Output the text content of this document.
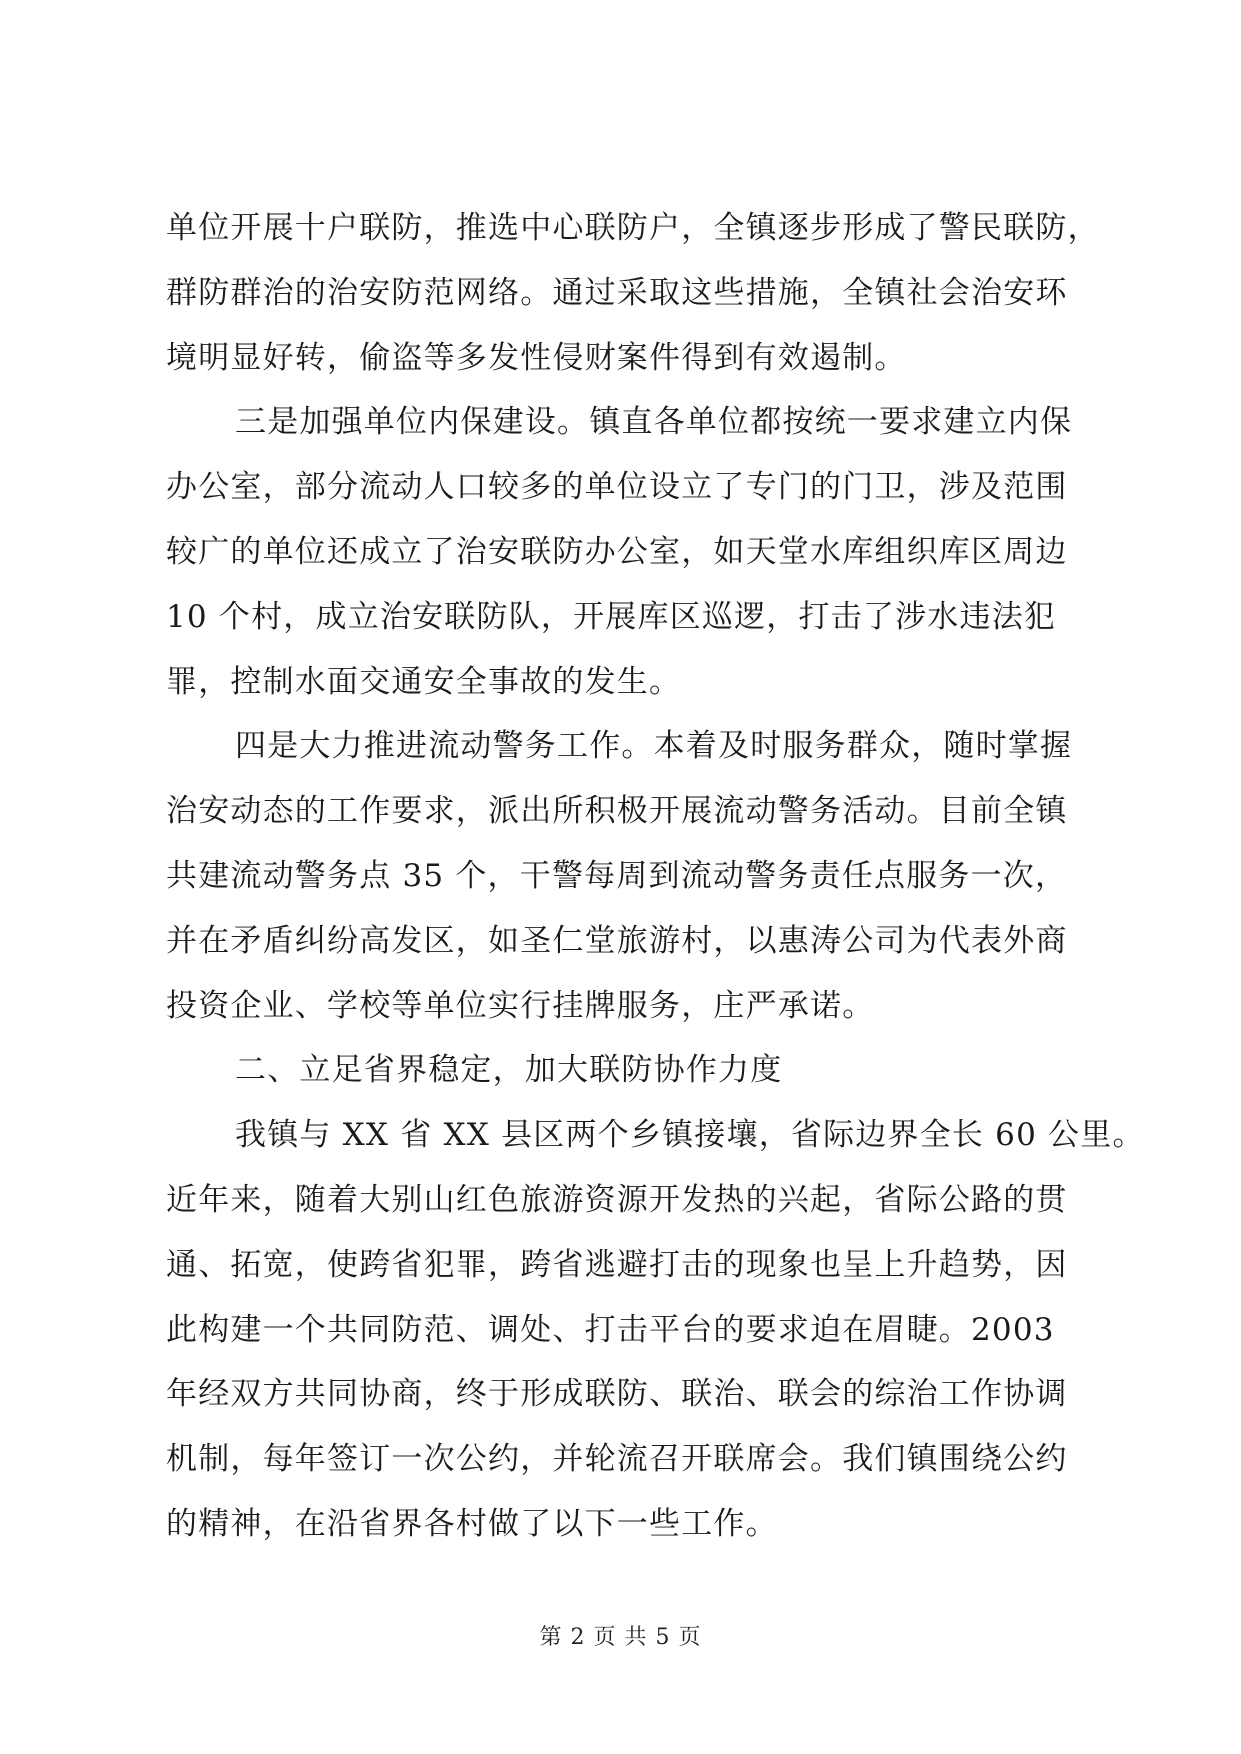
单位开展十户联防，推选中心联防户，全镇逐步形成了警民联防，
群防群治的治安防范网络。通过采取这些措施，全镇社会治安环
境明显好转，偷盗等多发性侵财案件得到有效遏制。
三是加强单位内保建设。镇直各单位都按统一要求建立内保
办公室，部分流动人口较多的单位设立了专门的门卫，涉及范围
较广的单位还成立了治安联防办公室，如天堂水库组织库区周边
10 个村，成立治安联防队，开展库区巡逻，打击了涉水违法犯
罪，控制水面交通安全事故的发生。
四是大力推进流动警务工作。本着及时服务群众，随时掌握
治安动态的工作要求，派出所积极开展流动警务活动。目前全镇
共建流动警务点 35 个，干警每周到流动警务责任点服务一次，
并在矛盾纠纷高发区，如圣仁堂旅游村，以惠涛公司为代表外商
投资企业、学校等单位实行挂牌服务，庄严承诺。
二、立足省界稳定，加大联防协作力度
我镇与 XX 省 XX 县区两个乡镇接壤，省际边界全长 60 公里。
近年来，随着大别山红色旅游资源开发热的兴起，省际公路的贯
通、拓宽，使跨省犯罪，跨省逃避打击的现象也呈上升趋势，因
此构建一个共同防范、调处、打击平台的要求迫在眉睫。2003
年经双方共同协商，终于形成联防、联治、联会的综治工作协调
机制，每年签订一次公约，并轮流召开联席会。我们镇围绕公约
的精神，在沿省界各村做了以下一些工作。
第 2 页 共 5 页
